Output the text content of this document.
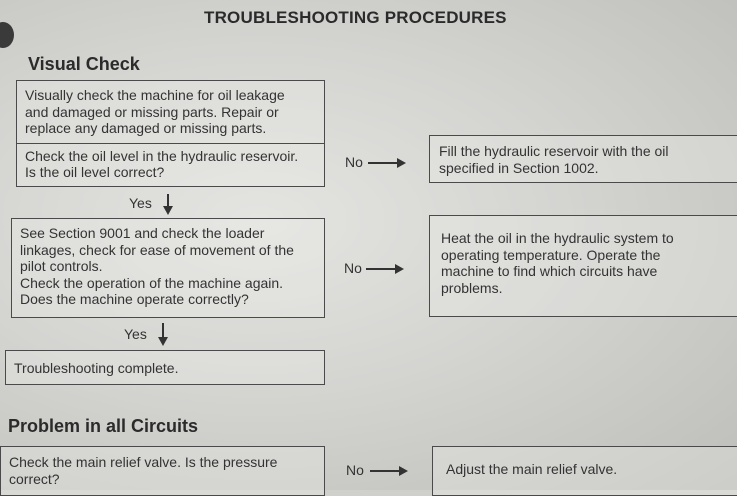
TROUBLESHOOTING PROCEDURES
Visual Check

Visually check the machine for oil leakage
and damaged or missing parts. Repair or
replace any damaged or missing parts.

Check the oil level in the hydraulic reservoir.
Is the oil level correct?

No

Fill the hydraulic reservoir with the oil
specified in Section 1002.

Yes

See Section 9001 and check the loader
linkages, check for ease of movement of the
pilot controls.
Check the operation of the machine again.
Does the machine operate correctly?

No

Heat the oil in the hydraulic system to
operating temperature. Operate the
machine to find which circuits have
problems.

Yes

Troubleshooting complete.

Problem in all Circuits

Check the main relief valve. Is the pressure
correct?

No	Adjust the main relief valve.
